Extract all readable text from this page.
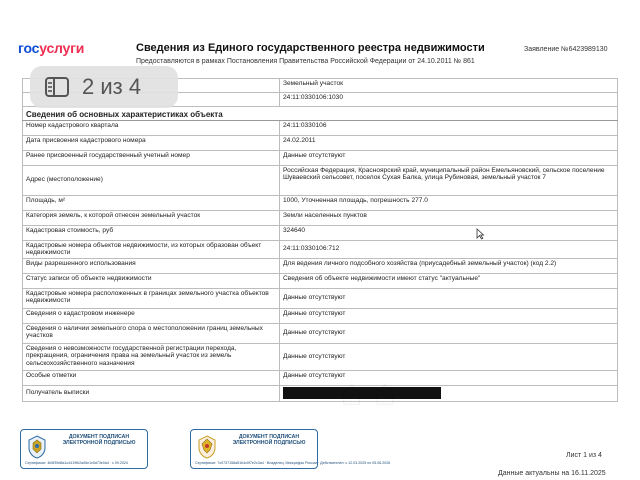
госуслуги	Сведения из Единого государственного реестра недвижимости
Предоставляются в рамках Постановления Правительства Российской Федерации от 24.10.2011 № 861
Заявление №6423989130
2 из 4
		Земельный участок
	24:11:0330106:1030
Сведения об основных характеристиках объекта	
Номер кадастрового квартала	24:11:0330106
Дата присвоения кадастрового номера	24.02.2011
Ранее присвоенный государственный учетный номер	Данные отсутствуют
Адрес (местоположение)	Российская Федерация, Красноярский край, муниципальный район Емельяновский, сельское поселение Шуваевский сельсовет, поселок Сухая Балка, улица Рубиновая, земельный участок 7
Площадь, м²	1000, Уточненная площадь, погрешность 277.0
Категория земель, к которой отнесен земельный участок	Земли населенных пунктов
Кадастровая стоимость, руб	324640
Кадастровые номера объектов недвижимости, из которых образован объект недвижимости	24:11:0330106:712
Виды разрешенного использования	Для ведения личного подсобного хозяйства (приусадебный земельный участок) (код 2.2)
Статус записи об объекте недвижимости	Сведения об объекте недвижимости имеют статус "актуальные"
Кадастровые номера расположенных в границах земельного участка объектов недвижимости	Данные отсутствуют
Сведения о кадастровом инженере	Данные отсутствуют
Сведения о наличии земельного спора о местоположении границ земельных участков	Данные отсутствуют
Сведения о невозможности государственной регистрации перехода, прекращения, ограничения права на земельный участок из земель сельскохозяйственного назначения	Данные отсутствуют
Особые отметки	Данные отсутствуют
Получатель выписки	
ДОКУМЕНТ ПОДПИСАН ЭЛЕКТРОННОЙ ПОДПИСЬЮ
Сертификат: 4b5f39d8a1c4419fb2a06e1c5d73e0a4 · с 09.2024
ДОКУМЕНТ ПОДПИСАН ЭЛЕКТРОННОЙ ПОДПИСЬЮ
Сертификат: 7c0737158a51b4c0f7e2c3a4 · Владелец: Минцифры России · Действителен: с 12.03.2025 по 05.06.2026
Лист 1 из 4
Данные актуальны на 16.11.2025
